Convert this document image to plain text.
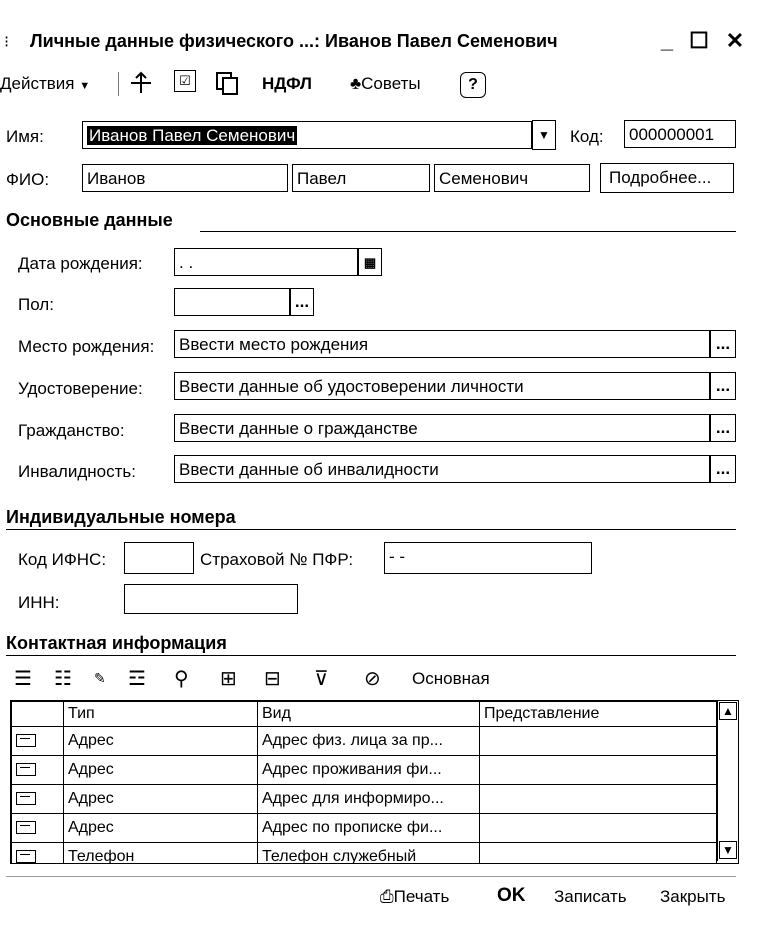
⁝ Личные данные физического ...: Иванов Павел Семенович	_ ☐ ✕
Действия ▼	☑	НДФЛ ♣Советы	?
Имя:	Иванов Павел Семенович	▼	Код: 000000001
ФИО: Иванов	Павел	Семенович	Подробнее...
Основные данные
Дата рождения: . .	▦
Пол:	...
Место рождения: Ввести место рождения	...
Удостоверение: Ввести данные об удостоверении личности	...
Гражданство:	Ввести данные о гражданстве	...
Инвалидность:	Ввести данные об инвалидности	...
Индивидуальные номера
Код ИФНС:	Страховой № ПФР: - -
ИНН:
Контактная информация
☰ ☷ ✎ ☲ ⚲ ⊞ ⊟ ⊽ ⊘ Основная
	Тип	Вид	Представление
	Адрес	Адрес физ. лица за пр...	
	Адрес	Адрес проживания фи...	
	Адрес	Адрес для информиро...	
	Адрес	Адрес по прописке фи...	
	Телефон	Телефон служебный	
▲
▼
⎙Печать	OK Записать Закрыть
